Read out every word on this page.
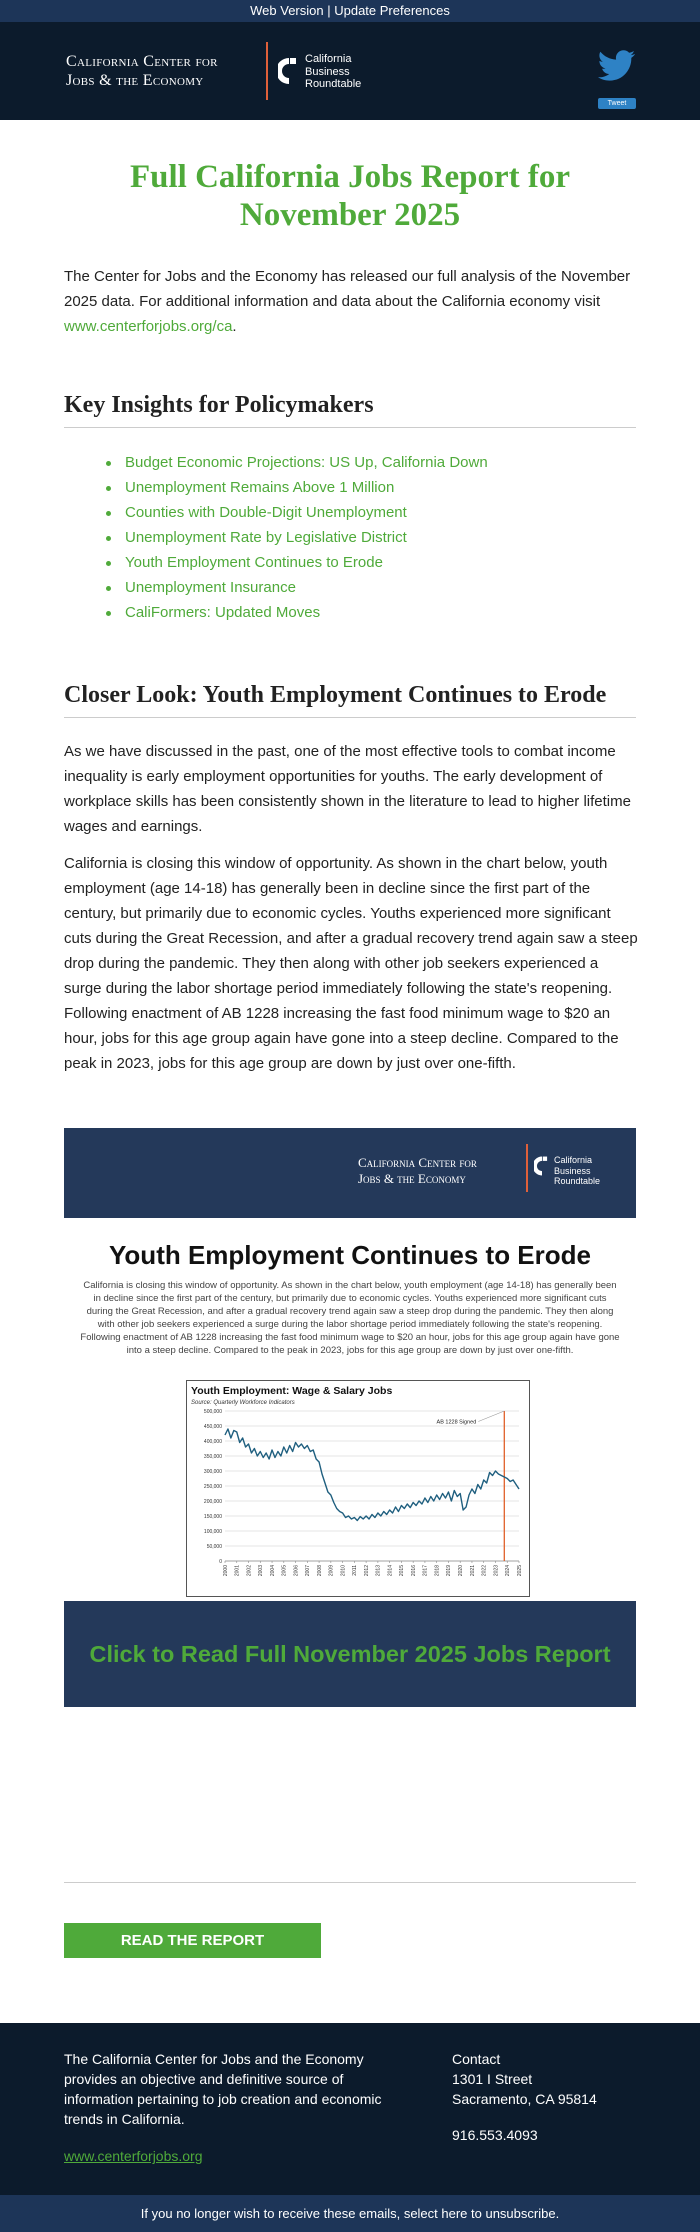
Web Version | Update Preferences
California Center for
Jobs & the Economy
California
Business
Roundtable
Tweet
Full California Jobs Report for November 2025

The Center for Jobs and the Economy has released our full analysis of the November 2025 data. For additional information and data about the California economy visit www.centerforjobs.org/ca.

Key Insights for Policymakers
Budget Economic Projections: US Up, California Down
Unemployment Remains Above 1 Million
Counties with Double-Digit Unemployment
Unemployment Rate by Legislative District
Youth Employment Continues to Erode
Unemployment Insurance
CaliFormers: Updated Moves
Closer Look: Youth Employment Continues to Erode

As we have discussed in the past, one of the most effective tools to combat income inequality is early employment opportunities for youths. The early development of workplace skills has been consistently shown in the literature to lead to higher lifetime wages and earnings.

California is closing this window of opportunity. As shown in the chart below, youth employment (age 14-18) has generally been in decline since the first part of the century, but primarily due to economic cycles. Youths experienced more significant cuts during the Great Recession, and after a gradual recovery trend again saw a steep drop during the pandemic. They then along with other job seekers experienced a surge during the labor shortage period immediately following the state's reopening. Following enactment of AB 1228 increasing the fast food minimum wage to $20 an hour, jobs for this age group again have gone into a steep decline. Compared to the peak in 2023, jobs for this age group are down by just over one-fifth.

California Center for
Jobs & the Economy
California
Business
Roundtable
Youth Employment Continues to Erode
California is closing this window of opportunity. As shown in the chart below, youth employment (age 14-18) has generally been in decline since the first part of the century, but primarily due to economic cycles. Youths experienced more significant cuts during the Great Recession, and after a gradual recovery trend again saw a steep drop during the pandemic. They then along with other job seekers experienced a surge during the labor shortage period immediately following the state's reopening. Following enactment of AB 1228 increasing the fast food minimum wage to $20 an hour, jobs for this age group again have gone into a steep decline. Compared to the peak in 2023, jobs for this age group are down by just over one-fifth.
Youth Employment: Wage & Salary Jobs
Source: Quarterly Workforce Indicators
0
50,000
100,000
150,000
200,000
250,000
300,000
350,000
400,000
450,000
500,000
2000 2001 2002 2003 2004 2005 2006 2007 2008 2009 2010 2011 2012 2013 2014 2015 2016 2017 2018 2019 2020 2021 2022 2023 2024 2025
AB 1228 Signed
Click to Read Full November 2025 Jobs Report
READ THE REPORT
The California Center for Jobs and the Economy provides an objective and definitive source of information pertaining to job creation and economic trends in California.
www.centerforjobs.org
Contact
1301 I Street
Sacramento, CA 95814
916.553.4093
If you no longer wish to receive these emails, select here to unsubscribe.
